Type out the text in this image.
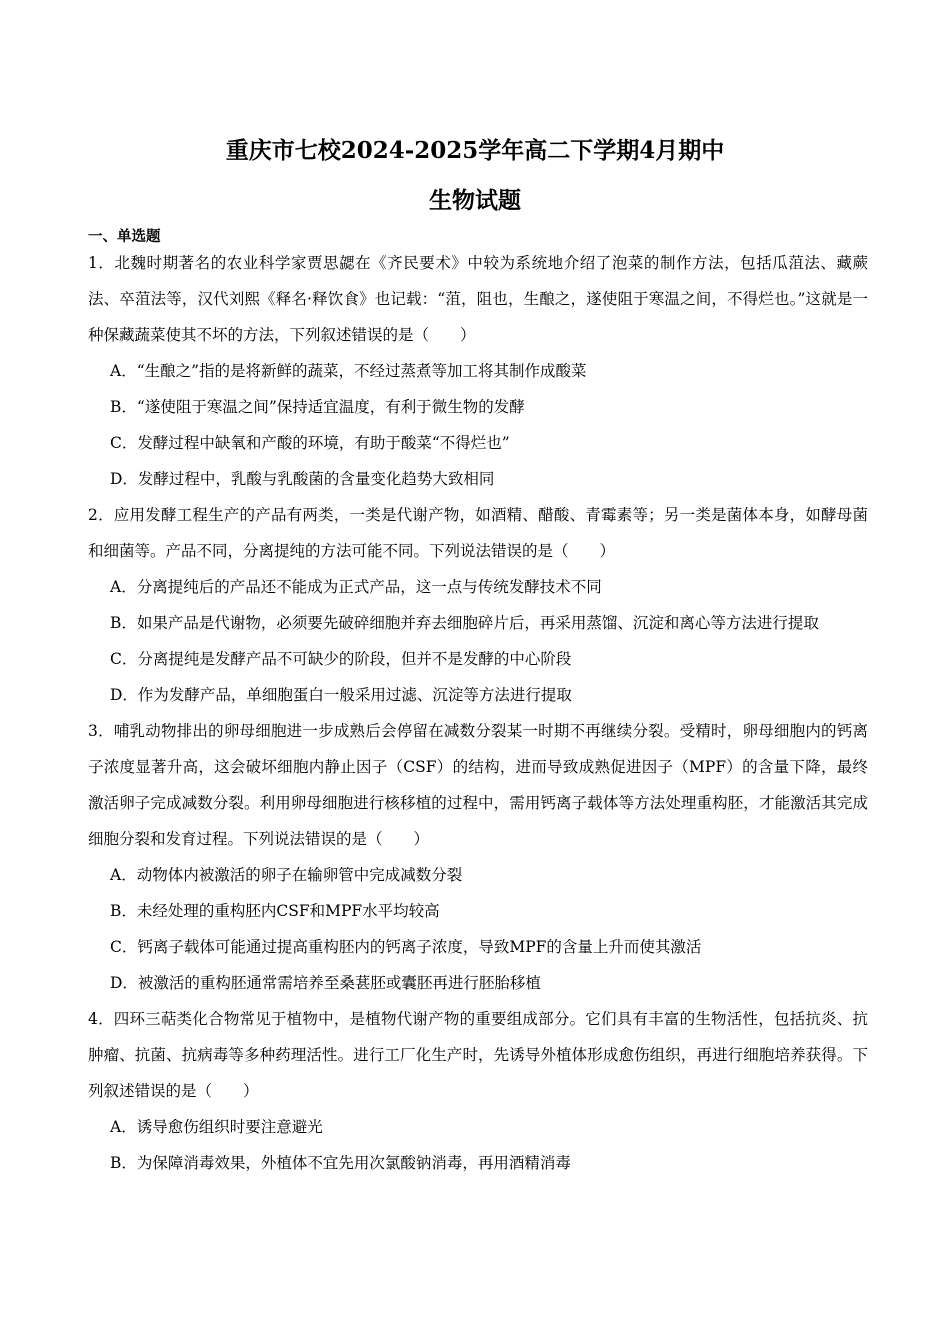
重庆市七校2024-2025学年高二下学期4月期中
生物试题
一、单选题

1．北魏时期著名的农业科学家贾思勰在《齐民要术》中较为系统地介绍了泡菜的制作方法，包括瓜菹法、藏蕨法、卒菹法等，汉代刘熙《释名·释饮食》也记载：“菹，阻也，生酿之，遂使阻于寒温之间，不得烂也。”这就是一种保藏蔬菜使其不坏的方法，下列叙述错误的是（　　）

A．“生酿之”指的是将新鲜的蔬菜，不经过蒸煮等加工将其制作成酸菜

B．“遂使阻于寒温之间”保持适宜温度，有利于微生物的发酵

C．发酵过程中缺氧和产酸的环境，有助于酸菜“不得烂也”

D．发酵过程中，乳酸与乳酸菌的含量变化趋势大致相同

2．应用发酵工程生产的产品有两类，一类是代谢产物，如酒精、醋酸、青霉素等；另一类是菌体本身，如酵母菌和细菌等。产品不同，分离提纯的方法可能不同。下列说法错误的是（　　）

A．分离提纯后的产品还不能成为正式产品，这一点与传统发酵技术不同

B．如果产品是代谢物，必须要先破碎细胞并弃去细胞碎片后，再采用蒸馏、沉淀和离心等方法进行提取

C．分离提纯是发酵产品不可缺少的阶段，但并不是发酵的中心阶段

D．作为发酵产品，单细胞蛋白一般采用过滤、沉淀等方法进行提取

3．哺乳动物排出的卵母细胞进一步成熟后会停留在减数分裂某一时期不再继续分裂。受精时，卵母细胞内的钙离子浓度显著升高，这会破坏细胞内静止因子（CSF）的结构，进而导致成熟促进因子（MPF）的含量下降，最终激活卵子完成减数分裂。利用卵母细胞进行核移植的过程中，需用钙离子载体等方法处理重构胚，才能激活其完成细胞分裂和发育过程。下列说法错误的是（　　）

A．动物体内被激活的卵子在输卵管中完成减数分裂

B．未经处理的重构胚内CSF和MPF水平均较高

C．钙离子载体可能通过提高重构胚内的钙离子浓度，导致MPF的含量上升而使其激活

D．被激活的重构胚通常需培养至桑葚胚或囊胚再进行胚胎移植

4．四环三萜类化合物常见于植物中，是植物代谢产物的重要组成部分。它们具有丰富的生物活性，包括抗炎、抗肿瘤、抗菌、抗病毒等多种药理活性。进行工厂化生产时，先诱导外植体形成愈伤组织，再进行细胞培养获得。下列叙述错误的是（　　）

A．诱导愈伤组织时要注意避光

B．为保障消毒效果，外植体不宜先用次氯酸钠消毒，再用酒精消毒
